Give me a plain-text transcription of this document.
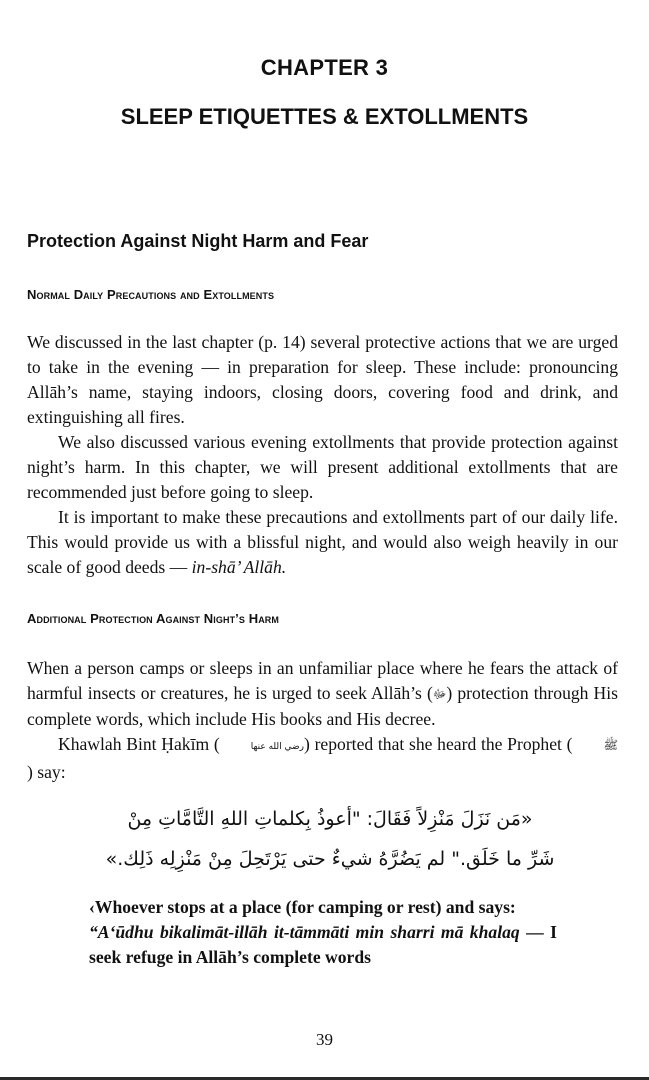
CHAPTER 3
SLEEP ETIQUETTES & EXTOLLMENTS
Protection Against Night Harm and Fear
Normal Daily Precautions and Extollments

We discussed in the last chapter (p. 14) several protective actions that we are urged to take in the evening — in preparation for sleep. These include: pronouncing Allāh’s name, staying indoors, closing doors, covering food and drink, and extinguishing all fires.

We also discussed various evening extollments that provide protection against night’s harm. In this chapter, we will present additional extollments that are recommended just before going to sleep.

It is important to make these precautions and extollments part of our daily life. This would provide us with a blissful night, and would also weigh heavily in our scale of good deeds — in-shā’ Allāh.

Additional Protection Against Night’s Harm

When a person camps or sleeps in an unfamiliar place where he fears the attack of harmful insects or creatures, he is urged to seek Allāh’s (ﷻ) protection through His complete words, which include His books and His decree.

Khawlah Bint Ḥakīm (	رضي الله عنها) reported that she heard the Prophet (	ﷺ) say:

«مَن نَزَلَ مَنْزِلاً فَقَالَ: "أعوذُ بِكلماتِ اللهِ التَّامَّاتِ مِنْ
شَرِّ ما خَلَق." لم يَضُرَّهُ شيءٌ حتى يَرْتَحِلَ مِنْ مَنْزِلِه ذَلِك.»

‹Whoever stops at a place (for camping or rest) and says:

“A‘ūdhu bikalimāt-illāh it-tāmmāti min sharri mā khalaq — I seek refuge in Allāh’s complete words

39
